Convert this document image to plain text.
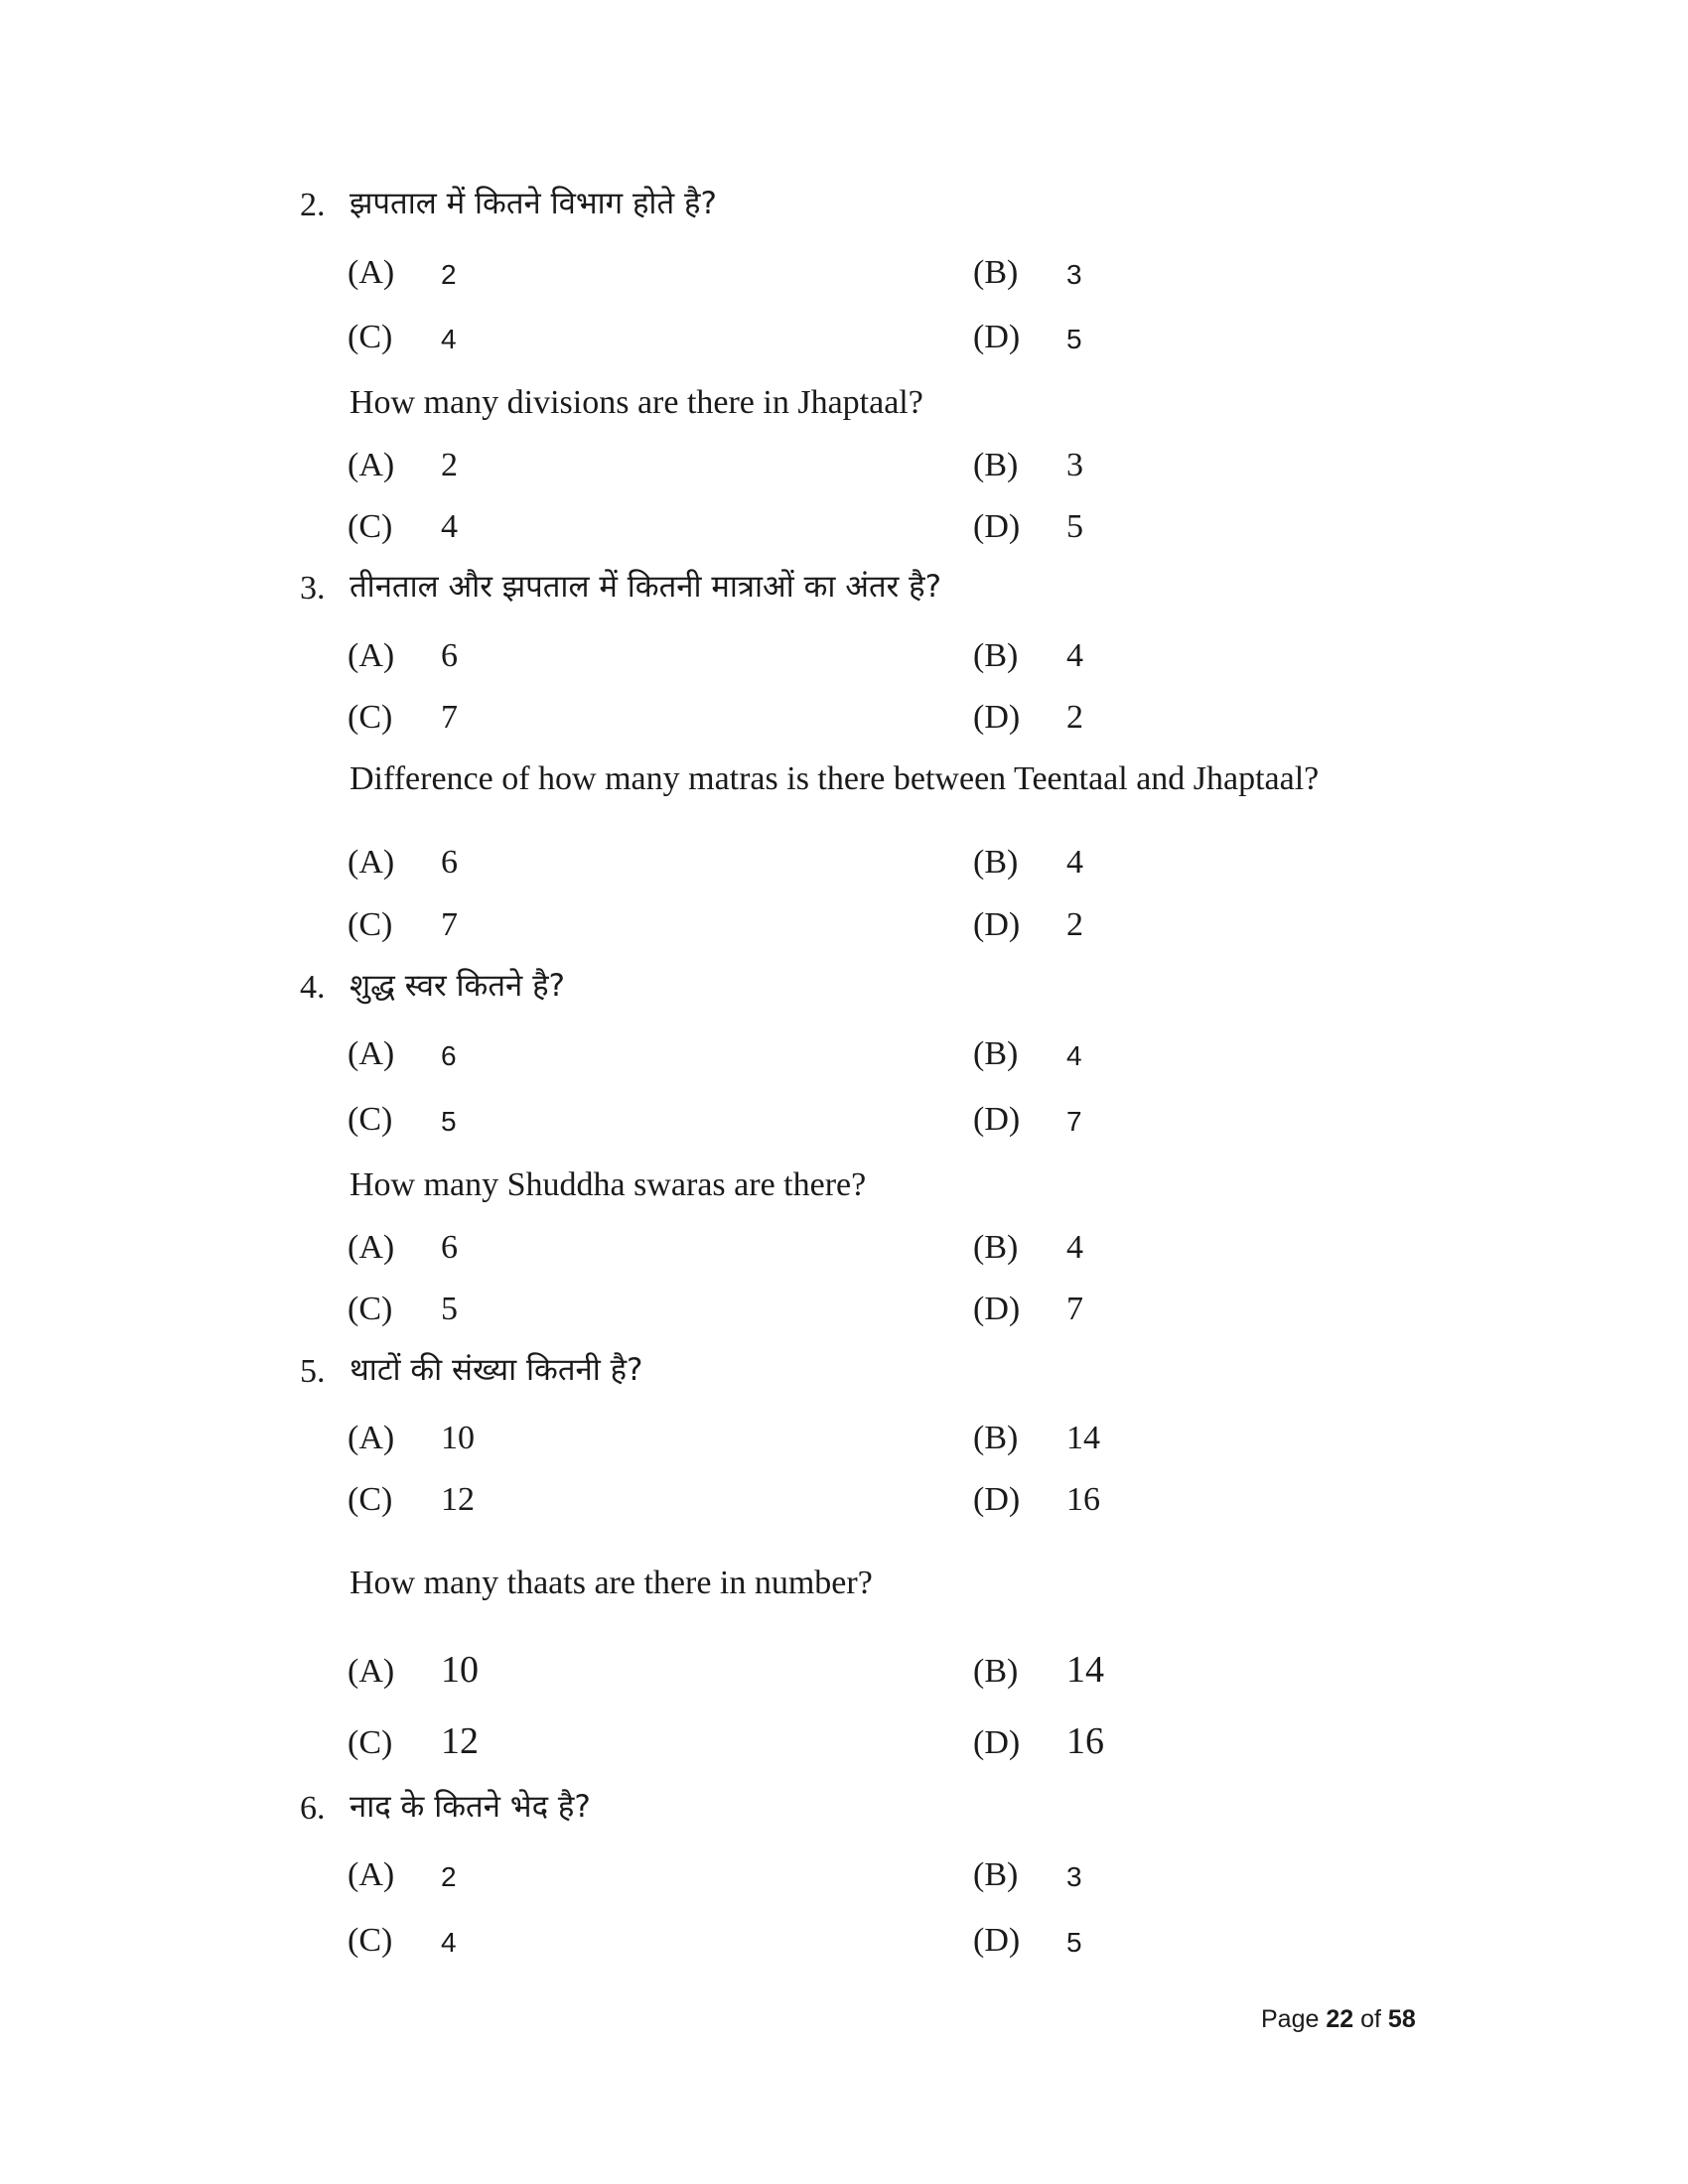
2. झपताल में कितने विभाग होते है?
(A) 2	(B) 3
(C) 4	(D) 5
How many divisions are there in Jhaptaal?
(A) 2	(B) 3
(C) 4	(D) 5
3. तीनताल और झपताल में कितनी मात्राओं का अंतर है?
(A) 6	(B) 4
(C) 7	(D) 2
Difference of how many matras is there between Teentaal and Jhaptaal?
(A) 6	(B) 4
(C) 7	(D) 2
4. शुद्ध स्वर कितने है?
(A) 6	(B) 4
(C) 5	(D) 7
How many Shuddha swaras are there?
(A) 6	(B) 4
(C) 5	(D) 7
5. थाटों की संख्या कितनी है?
(A) 10	(B) 14
(C) 12	(D) 16
How many thaats are there in number?
(A) 10	(B) 14
(C) 12	(D) 16
6. नाद के कितने भेद है?
(A) 2	(B) 3
(C) 4	(D) 5
Page 22 of 58
